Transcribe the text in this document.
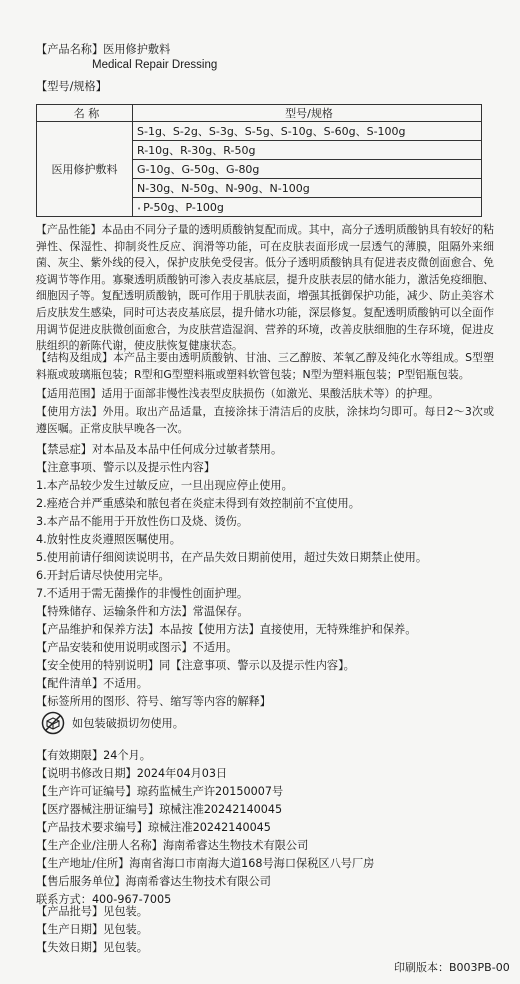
【产品名称】医用修护敷料
Medical Repair Dressing
【型号/规格】
名 称	型号/规格
医用修护敷料	S-1g、S-2g、S-3g、S-5g、S-10g、S-60g、S-100g
	R-10g、R-30g、R-50g
	G-10g、G-50g、G-80g
	N-30g、N-50g、N-90g、N-100g
	• P-50g、P-100g
【产品性能】本品由不同分子量的透明质酸钠复配而成。其中，高分子透明质酸钠具有较好的粘弹性、保湿性、抑制炎性反应、润滑等功能，可在皮肤表面形成一层透气的薄膜，阻隔外来细菌、灰尘、紫外线的侵入，保护皮肤免受侵害。低分子透明质酸钠具有促进表皮微创面愈合、免疫调节等作用。寡聚透明质酸钠可渗入表皮基底层，提升皮肤表层的储水能力，激活免疫细胞、细胞因子等。复配透明质酸钠，既可作用于肌肤表面，增强其抵御保护功能，减少、防止美容术后皮肤发生感染，同时可达表皮基底层，提升储水功能，深层修复。复配透明质酸钠可以全面作用调节促进皮肤微创面愈合，为皮肤营造湿润、营养的环境，改善皮肤细胞的生存环境，促进皮肤组织的新陈代谢，使皮肤恢复健康状态。
【结构及组成】本产品主要由透明质酸钠、甘油、三乙醇胺、苯氧乙醇及纯化水等组成。S型塑料瓶或玻璃瓶包装；R型和G型塑料瓶或塑料软管包装；N型为塑料瓶包装；P型铝瓶包装。
【适用范围】适用于面部非慢性浅表型皮肤损伤（如激光、果酸活肤术等）的护理。
【使用方法】外用。取出产品适量，直接涂抹于清洁后的皮肤，涂抹均匀即可。每日2～3次或遵医嘱。正常皮肤早晚各一次。
【禁忌症】对本品及本品中任何成分过敏者禁用。
【注意事项、警示以及提示性内容】
1.本产品较少发生过敏反应，一旦出现应停止使用。
2.痤疮合并严重感染和脓包者在炎症未得到有效控制前不宜使用。
3.本产品不能用于开放性伤口及烧、烫伤。
4.放射性皮炎遵照医嘱使用。
5.使用前请仔细阅读说明书，在产品失效日期前使用，超过失效日期禁止使用。
6.开封后请尽快使用完毕。
7.不适用于需无菌操作的非慢性创面护理。
【特殊储存、运输条件和方法】常温保存。
【产品维护和保养方法】本品按【使用方法】直接使用，无特殊维护和保养。
【产品安装和使用说明或图示】不适用。
【安全使用的特别说明】同【注意事项、警示以及提示性内容】。
【配件清单】不适用。
【标签所用的图形、符号、缩写等内容的解释】
如包装破损切勿使用。
【有效期限】24个月。
【说明书修改日期】2024年04月03日
【生产许可证编号】琼药监械生产许20150007号
【医疗器械注册证编号】琼械注准20242140045
【产品技术要求编号】琼械注准20242140045
【生产企业/注册人名称】海南希睿达生物技术有限公司
【生产地址/住所】海南省海口市南海大道168号海口保税区八号厂房
【售后服务单位】海南希睿达生物技术有限公司
联系方式：400-967-7005
【产品批号】见包装。
【生产日期】见包装。
【失效日期】见包装。
印刷版本：B003PB-00
